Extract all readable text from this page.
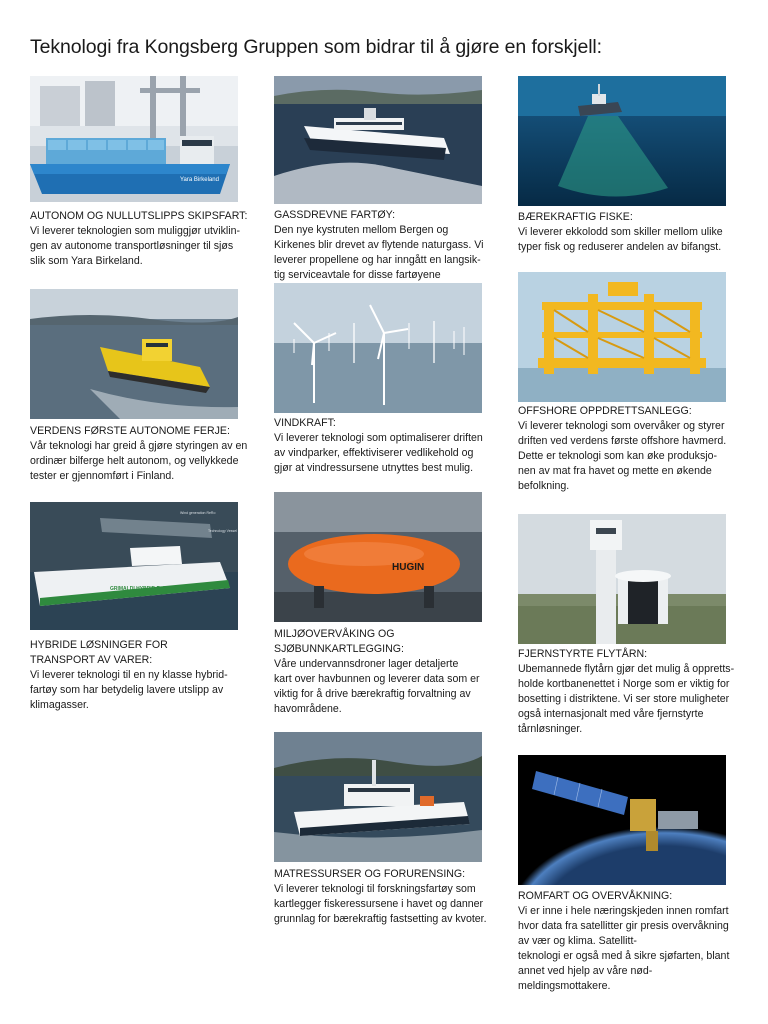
Teknologi fra Kongsberg Gruppen som bidrar til å gjøre en forskjell:
Yara Birkeland
Wind generation ReRo
Technology Vessel
GRIMALDI HYBRID ReRo
HUGIN
AUTONOM OG NULLUTSLIPPS SKIPSFART:
Vi leverer teknologien som muliggjør utviklin-
gen av autonome transportløsninger til sjøs
slik som Yara Birkeland.
GASSDREVNE FARTØY:
Den nye kystruten mellom Bergen og
Kirkenes blir drevet av flytende naturgass. Vi
leverer propellene og har inngått en langsik-
tig serviceavtale for disse fartøyene
BÆREKRAFTIG FISKE:
Vi leverer ekkolodd som skiller mellom ulike
typer fisk og reduserer andelen av bifangst.
VERDENS FØRSTE AUTONOME FERJE:
Vår teknologi har greid å gjøre styringen av en
ordinær bilferge helt autonom, og vellykkede
tester er gjennomført i Finland.
VINDKRAFT:
Vi leverer teknologi som optimaliserer driften
av vindparker, effektiviserer vedlikehold og
gjør at vindressursene utnyttes best mulig.
OFFSHORE OPPDRETTSANLEGG:
Vi leverer teknologi som overvåker og styrer
driften ved verdens første offshore havmerd.
Dette er teknologi som kan øke produksjo-
nen av mat fra havet og mette en økende
befolkning.
HYBRIDE LØSNINGER FOR
TRANSPORT AV VARER:
Vi leverer teknologi til en ny klasse hybrid-
fartøy som har betydelig lavere utslipp av
klimagasser.
MILJØOVERVÅKING OG
SJØBUNNKARTLEGGING:
Våre undervannsdroner lager detaljerte
kart over havbunnen og leverer data som er
viktig for å drive bærekraftig forvaltning av
havområdene.
FJERNSTYRTE FLYTÅRN:
Ubemannede flytårn gjør det mulig å oppretts-
holde kortbanenettet i Norge som er viktig for
bosetting i distriktene. Vi ser store muligheter
også internasjonalt med våre fjernstyrte
tårnløsninger.
MATRESSURSER OG FORURENSING:
Vi leverer teknologi til forskningsfartøy som
kartlegger fiskeressursene i havet og danner
grunnlag for bærekraftig fastsetting av kvoter.
ROMFART OG OVERVÅKNING:
Vi er inne i hele næringskjeden innen romfart
hvor data fra satellitter gir presis overvåkning
av vær og klima. Satellitt-
teknologi er også med å sikre sjøfarten, blant
annet ved hjelp av våre nød-
meldingsmottakere.
